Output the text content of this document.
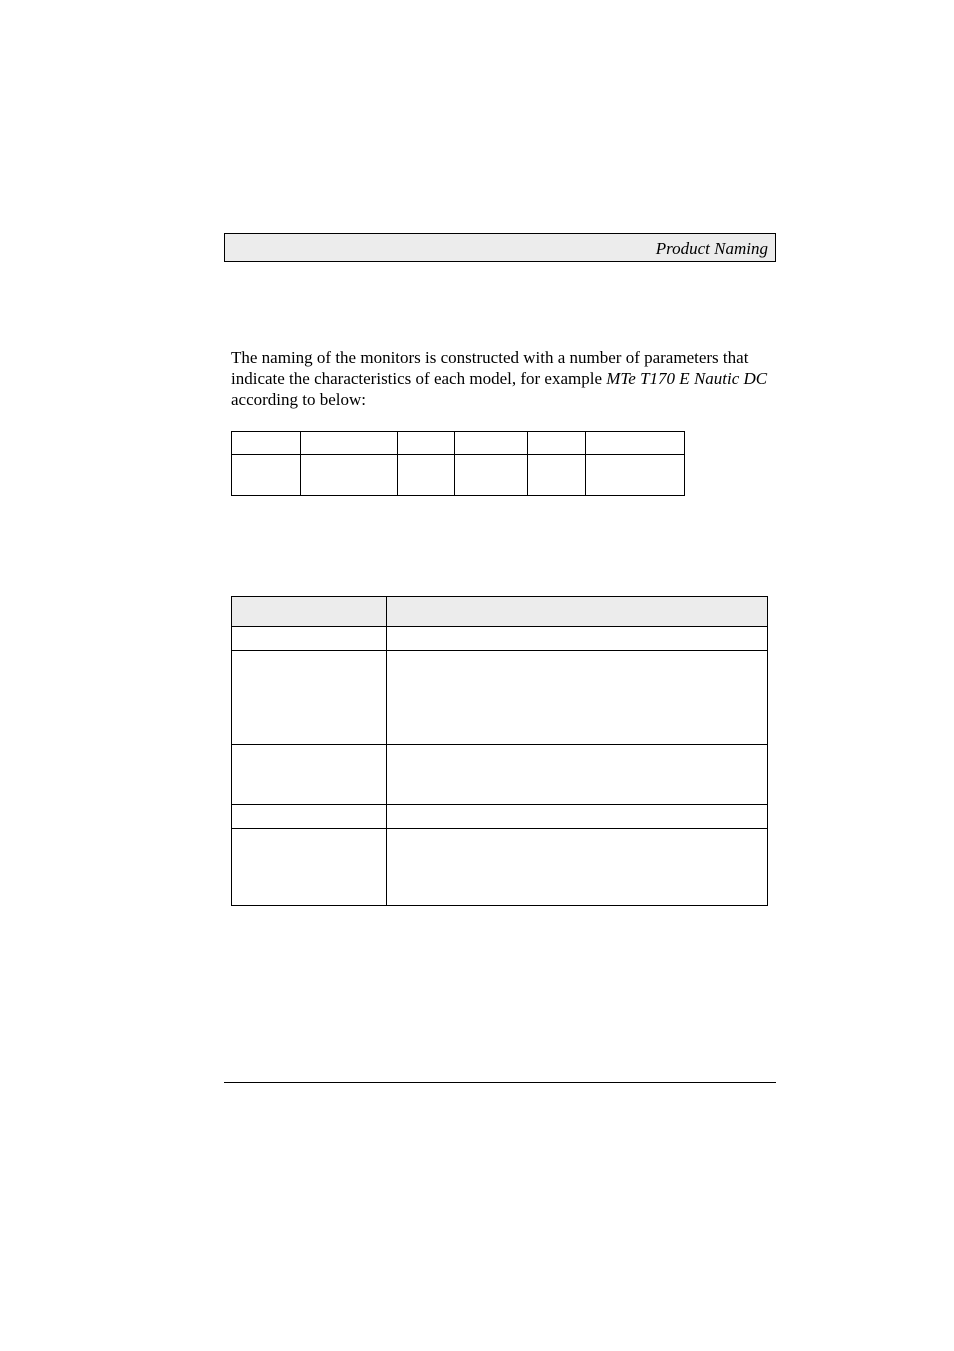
Product Naming

The naming of the monitors is constructed with a number of parameters that indicate the characteristics of each model, for example MTe T170 E Nautic DC according to below:
